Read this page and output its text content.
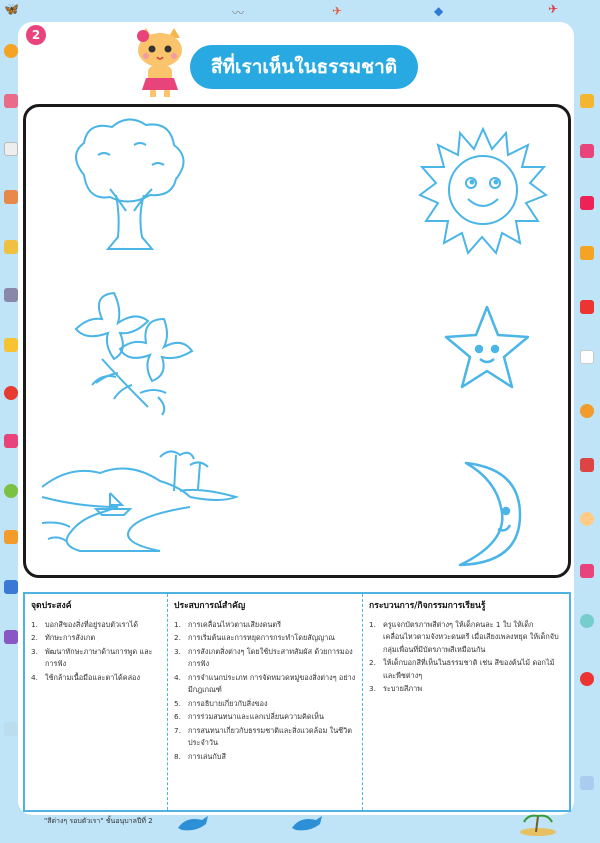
🦋	〰	✈	◆	✈
2
สีที่เราเห็นในธรรมชาติ
จุดประสงค์
1. บอกสีของสิ่งที่อยู่รอบตัวเราได้
2. ทักษะการสังเกต
3. พัฒนาทักษะภาษาด้านการพูด และการฟัง
4. ใช้กล้ามเนื้อมือและตาได้คล่อง
ประสบการณ์สำคัญ
1. การเคลื่อนไหวตามเสียงดนตรี
2. การเริ่มต้นและการหยุดการกระทำโดยสัญญาณ
3. การสังเกตสิ่งต่างๆ โดยใช้ประสาทสัมผัส ด้วยการมอง การฟัง
4. การจำแนกประเภท การจัดหมวดหมู่ของสิ่งต่างๆ อย่างมีกฎเกณฑ์
5. การอธิบายเกี่ยวกับสิ่งของ
6. การร่วมสนทนาและแลกเปลี่ยนความคิดเห็น
7. การสนทนาเกี่ยวกับธรรมชาติและสิ่งแวดล้อม ในชีวิตประจำวัน
8. การเล่นกับสี
กระบวนการ/กิจกรรมการเรียนรู้
1. ครูแจกบัตรภาพสีต่างๆ ให้เด็กคนละ 1 ใบ ให้เด็กเคลื่อนไหวตามจังหวะดนตรี เมื่อเสียงเพลงหยุด ให้เด็กจับกลุ่มเพื่อนที่มีบัตรภาพสีเหมือนกัน
2. ให้เด็กบอกสีที่เห็นในธรรมชาติ เช่น สีของต้นไม้ ดอกไม้ และพืชต่างๆ
3. ระบายสีภาพ
"สีต่างๆ รอบตัวเรา" ชั้นอนุบาลปีที่ 2
